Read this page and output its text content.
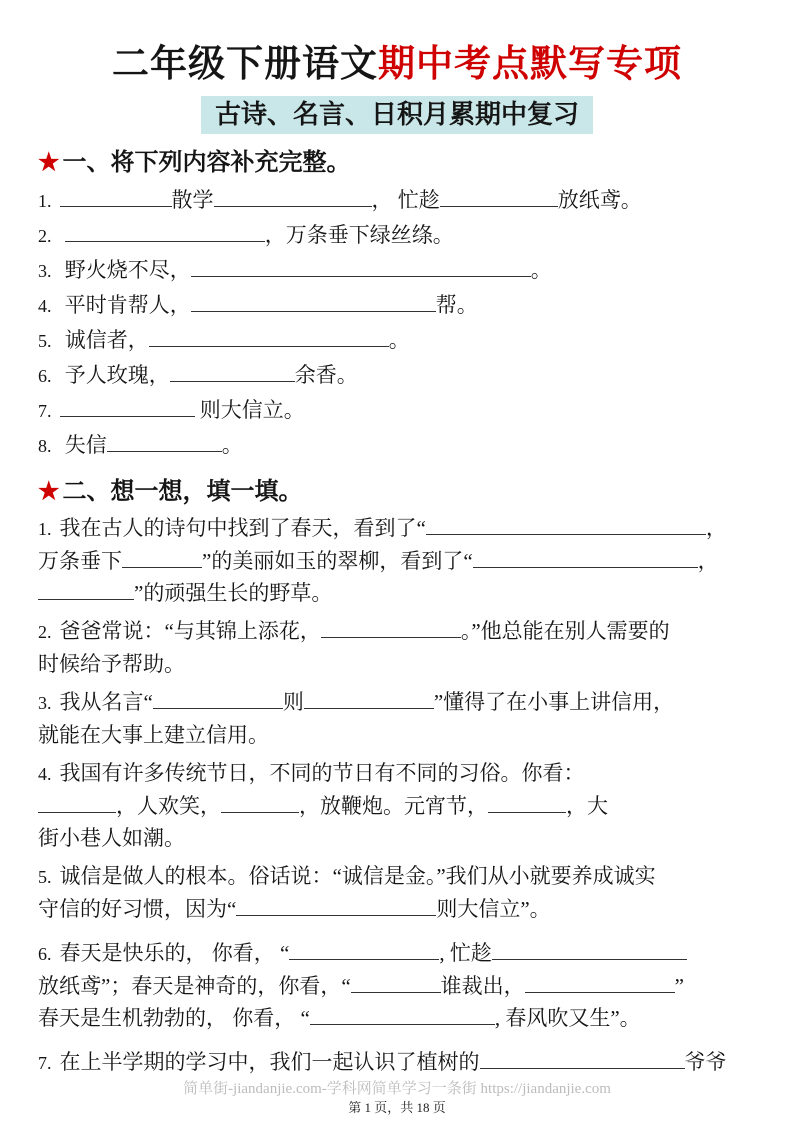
二年级下册语文期中考点默写专项
古诗、名言、日积月累期中复习
★ 一、将下列内容补充完整。
1.	散学	， 忙趁	放纸鸢。
2.	，万条垂下绿丝绦。
3. 野火烧不尽，	。
4. 平时肯帮人，	帮。
5. 诚信者，	。
6. 予人玫瑰，	余香。
7.	则大信立。
8. 失信	。
★ 二、想一想，填一填。
1. 我在古人的诗句中找到了春天，看到了“	，
万条垂下	”的美丽如玉的翠柳，看到了“	，
”的顽强生长的野草。
2. 爸爸常说：“与其锦上添花，	。”他总能在别人需要的
时候给予帮助。
3. 我从名言“	则	”懂得了在小事上讲信用，
就能在大事上建立信用。
4. 我国有许多传统节日，不同的节日有不同的习俗。你看：
，人欢笑，	，放鞭炮。元宵节，	，大
街小巷人如潮。
5. 诚信是做人的根本。俗话说：“诚信是金。”我们从小就要养成诚实
守信的好习惯，因为“	则大信立”。
6. 春天是快乐的， 你看， “	, 忙趁
放纸鸢”；春天是神奇的，你看，“	谁裁出，	”
春天是生机勃勃的， 你看， “	, 春风吹又生”。
7. 在上半学期的学习中，我们一起认识了植树的	爷爷
简单街-jiandanjie.com-学科网简单学习一条街 https://jiandanjie.com
第 1 页，共 18 页
